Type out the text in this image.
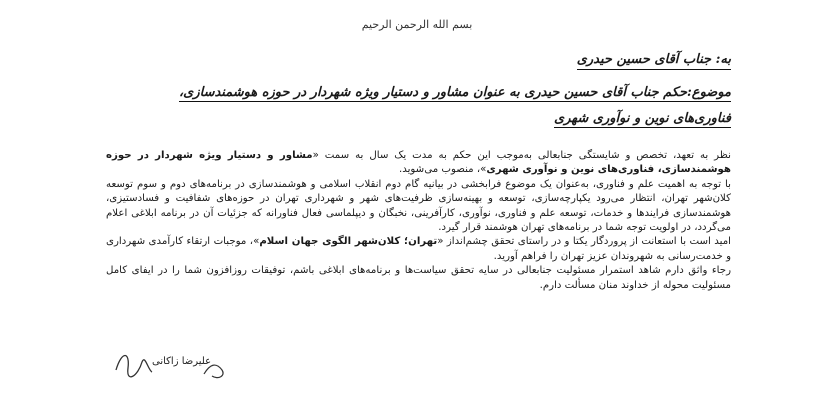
بسم الله الرحمن الرحیم
به: جناب آقای حسین حیدری
موضوع:حکم جناب آقای حسین حیدری به عنوان مشاور و دستیار ویژه شهردار در حوزه هوشمندسازی،
فناوری‌های نوین و نوآوری شهری

نظر به تعهد، تخصص و شایستگی جنابعالی به‌موجب این حکم به مدت یک سال به سمت «مشاور و دستیار ویژه شهردار در حوزه هوشمندسازی، فناوری‌های نوین و نوآوری شهری»، منصوب می‌شوید.

با توجه به اهمیت علم و فناوری، به‌عنوان یک موضوع فرابخشی در بیانیه گام دوم انقلاب اسلامی و هوشمندسازی در برنامه‌های دوم و سوم توسعه کلان‌شهر تهران، انتظار می‌رود یکپارچه‌سازی، توسعه و بهینه‌سازی ظرفیت‌های شهر و شهرداری تهران در حوزه‌های شفافیت و فسادستیزی، هوشمندسازی فرایندها و خدمات، توسعه علم و فناوری، نوآوری، کارآفرینی، نخبگان و دیپلماسی فعال فناورانه که جزئیات آن در برنامه ابلاغی اعلام می‌گردد، در اولویت توجه شما در برنامه‌های تهران هوشمند قرار گیرد.

امید است با استعانت از پروردگار یکتا و در راستای تحقق چشم‌انداز «تهران؛ کلان‌شهر الگوی جهان اسلام»، موجبات ارتقاء کارآمدی شهرداری و خدمت‌رسانی به شهروندان عزیز تهران را فراهم آورید.

رجاء واثق دارم شاهد استمرار مسئولیت جنابعالی در سایه تحقق سیاست‌ها و برنامه‌های ابلاغی باشم، توفیقات روزافزون شما را در ایفای کامل مسئولیت محوله از خداوند منان مسألت دارم.

علیرضا زاکانی
